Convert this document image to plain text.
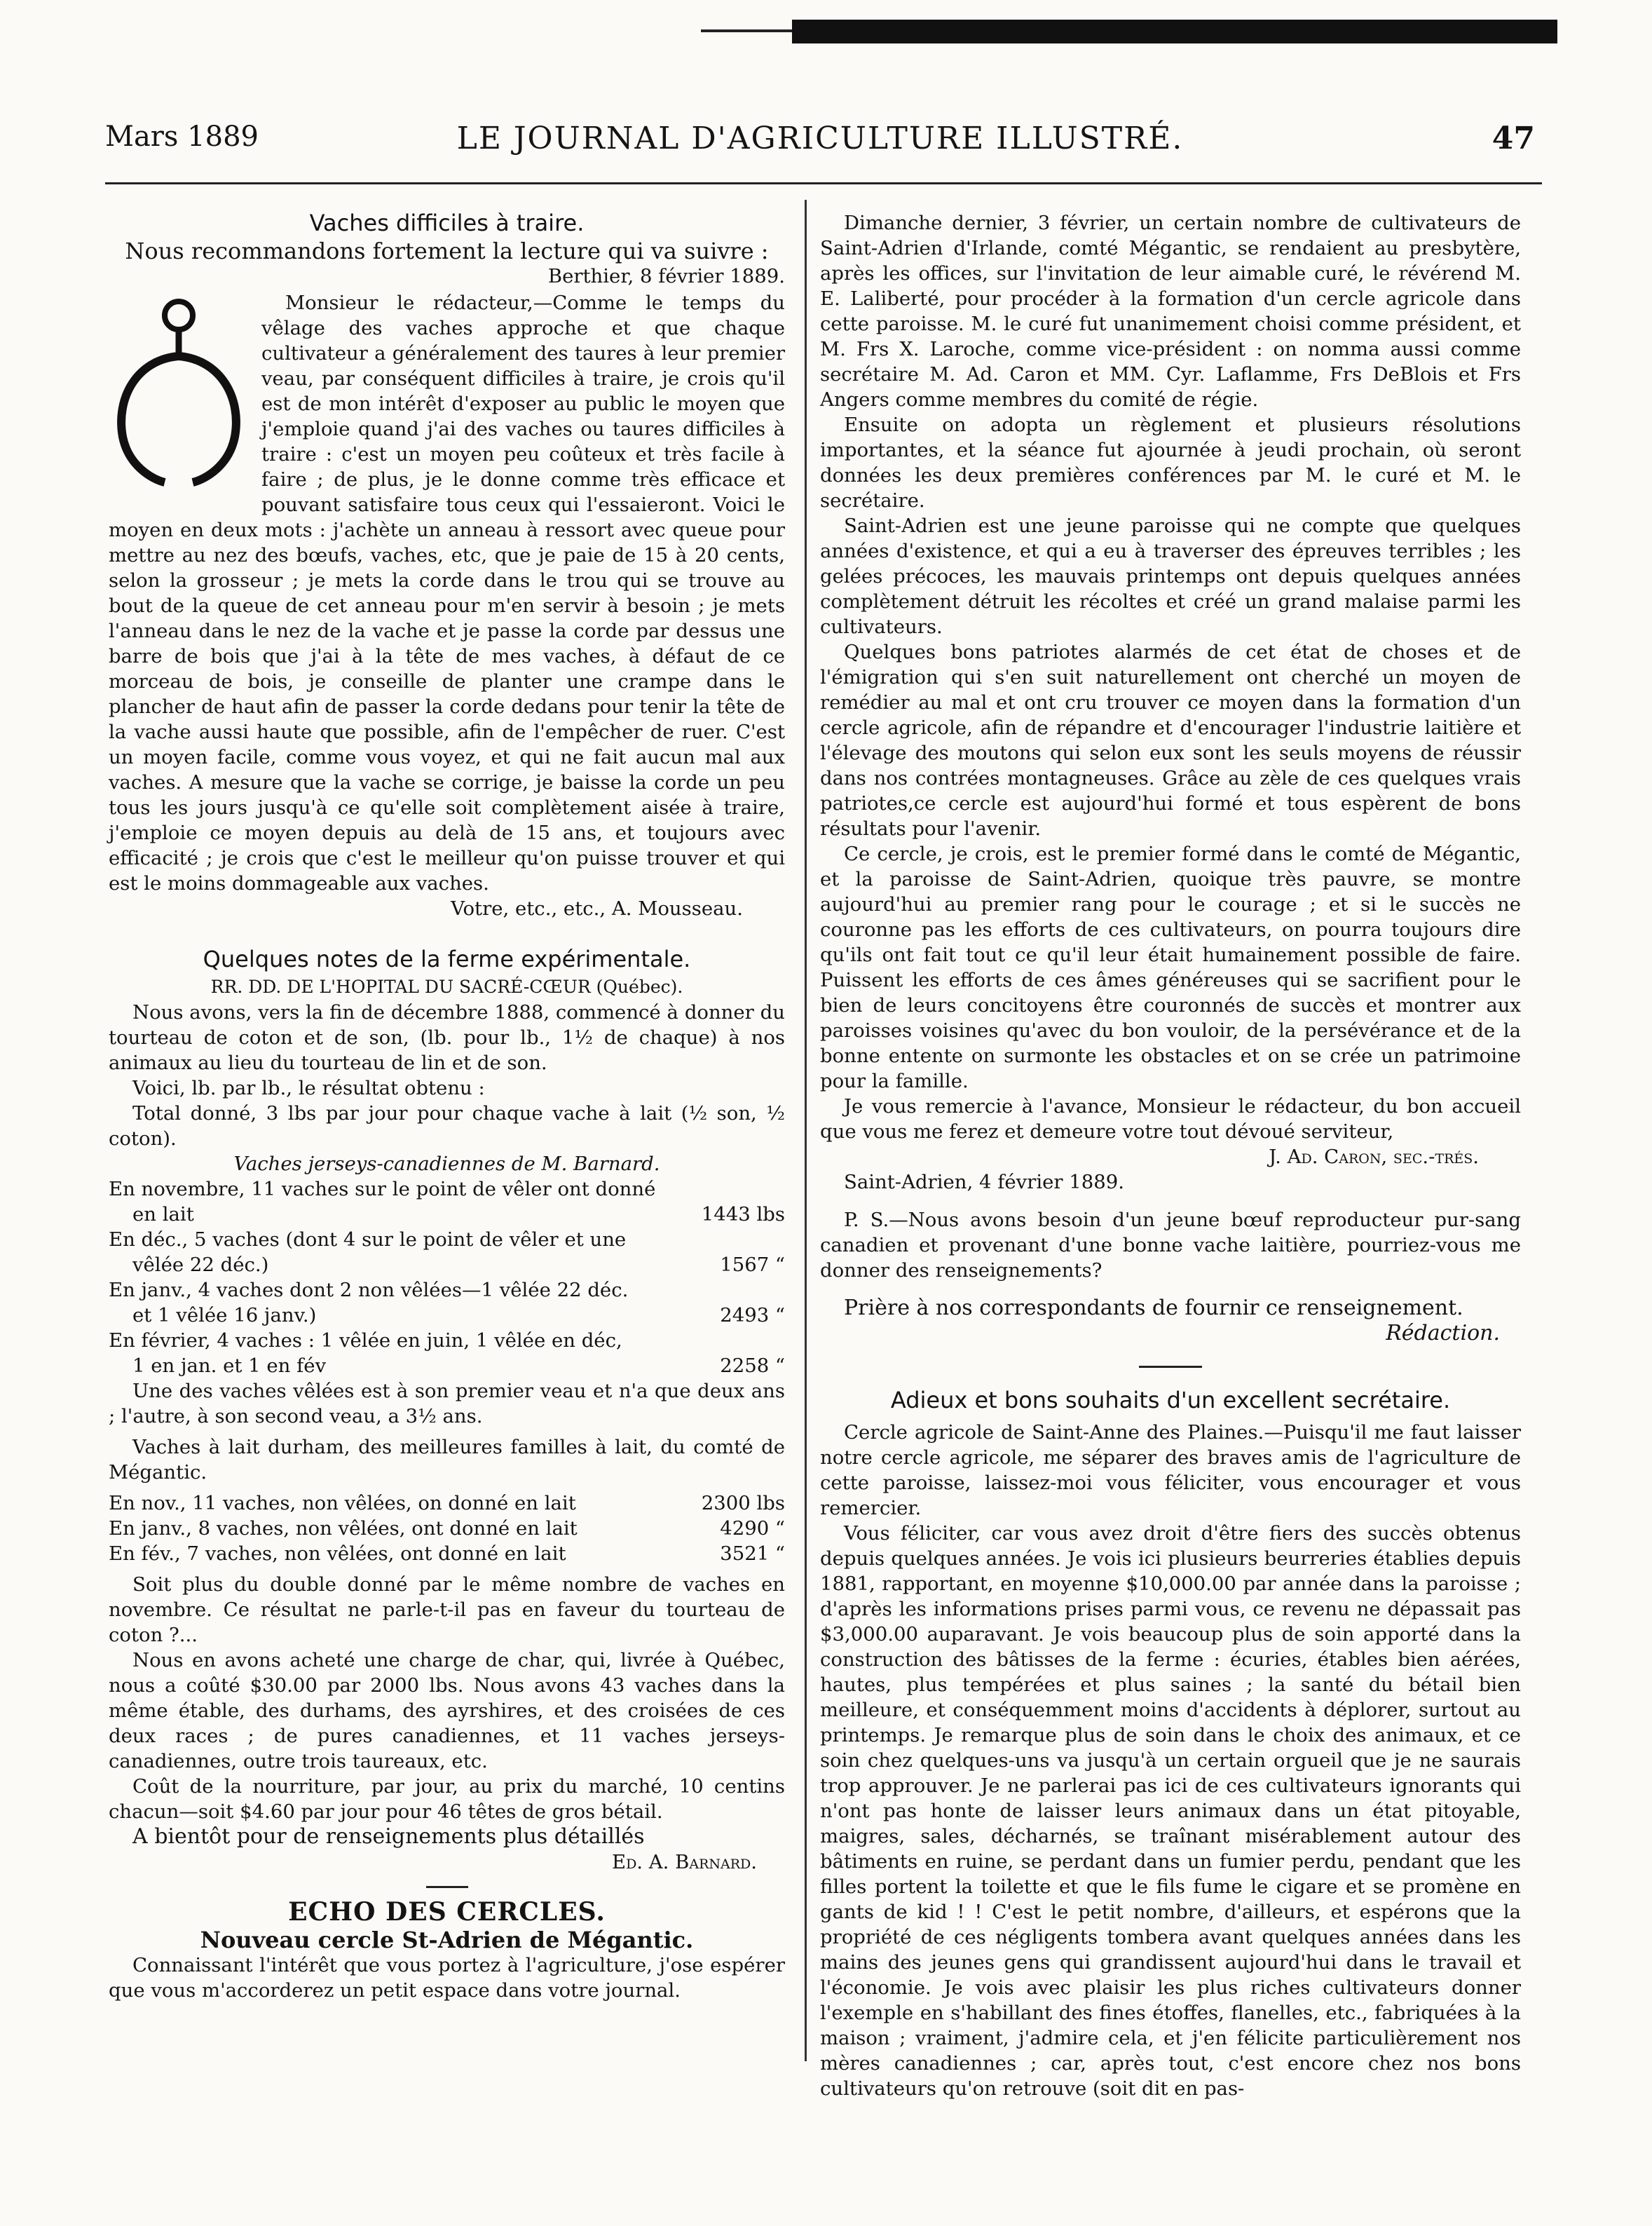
Mars 1889	LE JOURNAL D'AGRICULTURE ILLUSTRÉ.	47
Vaches difficiles à traire.
Nous recommandons fortement la lecture qui va suivre :

Berthier, 8 février 1889.

Monsieur le rédacteur,—Comme le temps du vêlage des vaches approche et que chaque cultivateur a généralement des taures à leur premier veau, par conséquent difficiles à traire, je crois qu'il est de mon intérêt d'exposer au public le moyen que j'emploie quand j'ai des vaches ou taures difficiles à traire : c'est un moyen peu coûteux et très facile à faire ; de plus, je le donne comme très efficace et pouvant satisfaire tous ceux qui l'essaieront. Voici le moyen en deux mots : j'achète un anneau à ressort avec queue pour mettre au nez des bœufs, vaches, etc, que je paie de 15 à 20 cents, selon la grosseur ; je mets la corde dans le trou qui se trouve au bout de la queue de cet anneau pour m'en servir à besoin ; je mets l'anneau dans le nez de la vache et je passe la corde par dessus une barre de bois que j'ai à la tête de mes vaches, à défaut de ce morceau de bois, je conseille de planter une crampe dans le plancher de haut afin de passer la corde dedans pour tenir la tête de la vache aussi haute que possible, afin de l'empêcher de ruer. C'est un moyen facile, comme vous voyez, et qui ne fait aucun mal aux vaches. A mesure que la vache se corrige, je baisse la corde un peu tous les jours jusqu'à ce qu'elle soit complètement aisée à traire, j'emploie ce moyen depuis au delà de 15 ans, et toujours avec efficacité ; je crois que c'est le meilleur qu'on puisse trouver et qui est le moins dommageable aux vaches.

Votre, etc., etc., A. Mousseau.

Quelques notes de la ferme expérimentale.
RR. DD. DE L'HOPITAL DU SACRÉ-CŒUR (Québec).

Nous avons, vers la fin de décembre 1888, commencé à donner du tourteau de coton et de son, (lb. pour lb., 1½ de chaque) à nos animaux au lieu du tourteau de lin et de son.

Voici, lb. par lb., le résultat obtenu :

Total donné, 3 lbs par jour pour chaque vache à lait (½ son, ½ coton).

Vaches jerseys-canadiennes de M. Barnard.

En novembre, 11 vaches sur le point de vêler ont donné

en lait	1443 lbs

En déc., 5 vaches (dont 4 sur le point de vêler et une

vêlée 22 déc.)	1567 “

En janv., 4 vaches dont 2 non vêlées—1 vêlée 22 déc.

et 1 vêlée 16 janv.)	2493 “

En février, 4 vaches : 1 vêlée en juin, 1 vêlée en déc,

1 en jan. et 1 en fév	2258 “

Une des vaches vêlées est à son premier veau et n'a que deux ans ; l'autre, à son second veau, a 3½ ans.

Vaches à lait durham, des meilleures familles à lait, du comté de Mégantic.

En nov., 11 vaches, non vêlées, on donné en lait	2300 lbs
En janv., 8 vaches, non vêlées, ont donné en lait	4290 “
En fév., 7 vaches, non vêlées, ont donné en lait	3521 “

Soit plus du double donné par le même nombre de vaches en novembre. Ce résultat ne parle-t-il pas en faveur du tourteau de coton ?...

Nous en avons acheté une charge de char, qui, livrée à Québec, nous a coûté $30.00 par 2000 lbs. Nous avons 43 vaches dans la même étable, des durhams, des ayrshires, et des croisées de ces deux races ; de pures canadiennes, et 11 vaches jerseys-canadiennes, outre trois taureaux, etc.

Coût de la nourriture, par jour, au prix du marché, 10 centins chacun—soit $4.60 par jour pour 46 têtes de gros bétail.

A bientôt pour de renseignements plus détaillés

Ed. A. Barnard.

ECHO DES CERCLES.
Nouveau cercle St-Adrien de Mégantic.

Connaissant l'intérêt que vous portez à l'agriculture, j'ose espérer que vous m'accorderez un petit espace dans votre journal.

Dimanche dernier, 3 février, un certain nombre de cultivateurs de Saint-Adrien d'Irlande, comté Mégantic, se rendaient au presbytère, après les offices, sur l'invitation de leur aimable curé, le révérend M. E. Laliberté, pour procéder à la formation d'un cercle agricole dans cette paroisse. M. le curé fut unanimement choisi comme président, et M. Frs X. Laroche, comme vice-président : on nomma aussi comme secrétaire M. Ad. Caron et MM. Cyr. Laflamme, Frs DeBlois et Frs Angers comme membres du comité de régie.

Ensuite on adopta un règlement et plusieurs résolutions importantes, et la séance fut ajournée à jeudi prochain, où seront données les deux premières conférences par M. le curé et M. le secrétaire.

Saint-Adrien est une jeune paroisse qui ne compte que quelques années d'existence, et qui a eu à traverser des épreuves terribles ; les gelées précoces, les mauvais printemps ont depuis quelques années complètement détruit les récoltes et créé un grand malaise parmi les cultivateurs.

Quelques bons patriotes alarmés de cet état de choses et de l'émigration qui s'en suit naturellement ont cherché un moyen de remédier au mal et ont cru trouver ce moyen dans la formation d'un cercle agricole, afin de répandre et d'encourager l'industrie laitière et l'élevage des moutons qui selon eux sont les seuls moyens de réussir dans nos contrées montagneuses. Grâce au zèle de ces quelques vrais patriotes,ce cercle est aujourd'hui formé et tous espèrent de bons résultats pour l'avenir.

Ce cercle, je crois, est le premier formé dans le comté de Mégantic, et la paroisse de Saint-Adrien, quoique très pauvre, se montre aujourd'hui au premier rang pour le courage ; et si le succès ne couronne pas les efforts de ces cultivateurs, on pourra toujours dire qu'ils ont fait tout ce qu'il leur était humainement possible de faire. Puissent les efforts de ces âmes généreuses qui se sacrifient pour le bien de leurs concitoyens être couronnés de succès et montrer aux paroisses voisines qu'avec du bon vouloir, de la persévérance et de la bonne entente on surmonte les obstacles et on se crée un patrimoine pour la famille.

Je vous remercie à l'avance, Monsieur le rédacteur, du bon accueil que vous me ferez et demeure votre tout dévoué serviteur,

J. Ad. Caron, sec.-trés.

Saint-Adrien, 4 février 1889.

P. S.—Nous avons besoin d'un jeune bœuf reproducteur pur-sang canadien et provenant d'une bonne vache laitière, pourriez-vous me donner des renseignements?

Prière à nos correspondants de fournir ce renseignement.

Rédaction.

Adieux et bons souhaits d'un excellent secrétaire.

Cercle agricole de Saint-Anne des Plaines.—Puisqu'il me faut laisser notre cercle agricole, me séparer des braves amis de l'agriculture de cette paroisse, laissez-moi vous féliciter, vous encourager et vous remercier.

Vous féliciter, car vous avez droit d'être fiers des succès obtenus depuis quelques années. Je vois ici plusieurs beurreries établies depuis 1881, rapportant, en moyenne $10,000.00 par année dans la paroisse ; d'après les informations prises parmi vous, ce revenu ne dépassait pas $3,000.00 auparavant. Je vois beaucoup plus de soin apporté dans la construction des bâtisses de la ferme : écuries, étables bien aérées, hautes, plus tempérées et plus saines ; la santé du bétail bien meilleure, et conséquemment moins d'accidents à déplorer, surtout au printemps. Je remarque plus de soin dans le choix des animaux, et ce soin chez quelques-uns va jusqu'à un certain orgueil que je ne saurais trop approuver. Je ne parlerai pas ici de ces cultivateurs ignorants qui n'ont pas honte de laisser leurs animaux dans un état pitoyable, maigres, sales, décharnés, se traînant misérablement autour des bâtiments en ruine, se perdant dans un fumier perdu, pendant que les filles portent la toilette et que le fils fume le cigare et se promène en gants de kid ! ! C'est le petit nombre, d'ailleurs, et espérons que la propriété de ces négligents tombera avant quelques années dans les mains des jeunes gens qui grandissent aujourd'hui dans le travail et l'économie. Je vois avec plaisir les plus riches cultivateurs donner l'exemple en s'habillant des fines étoffes, flanelles, etc., fabriquées à la maison ; vraiment, j'admire cela, et j'en félicite particulièrement nos mères canadiennes ; car, après tout, c'est encore chez nos bons cultivateurs qu'on retrouve (soit dit en pas-
